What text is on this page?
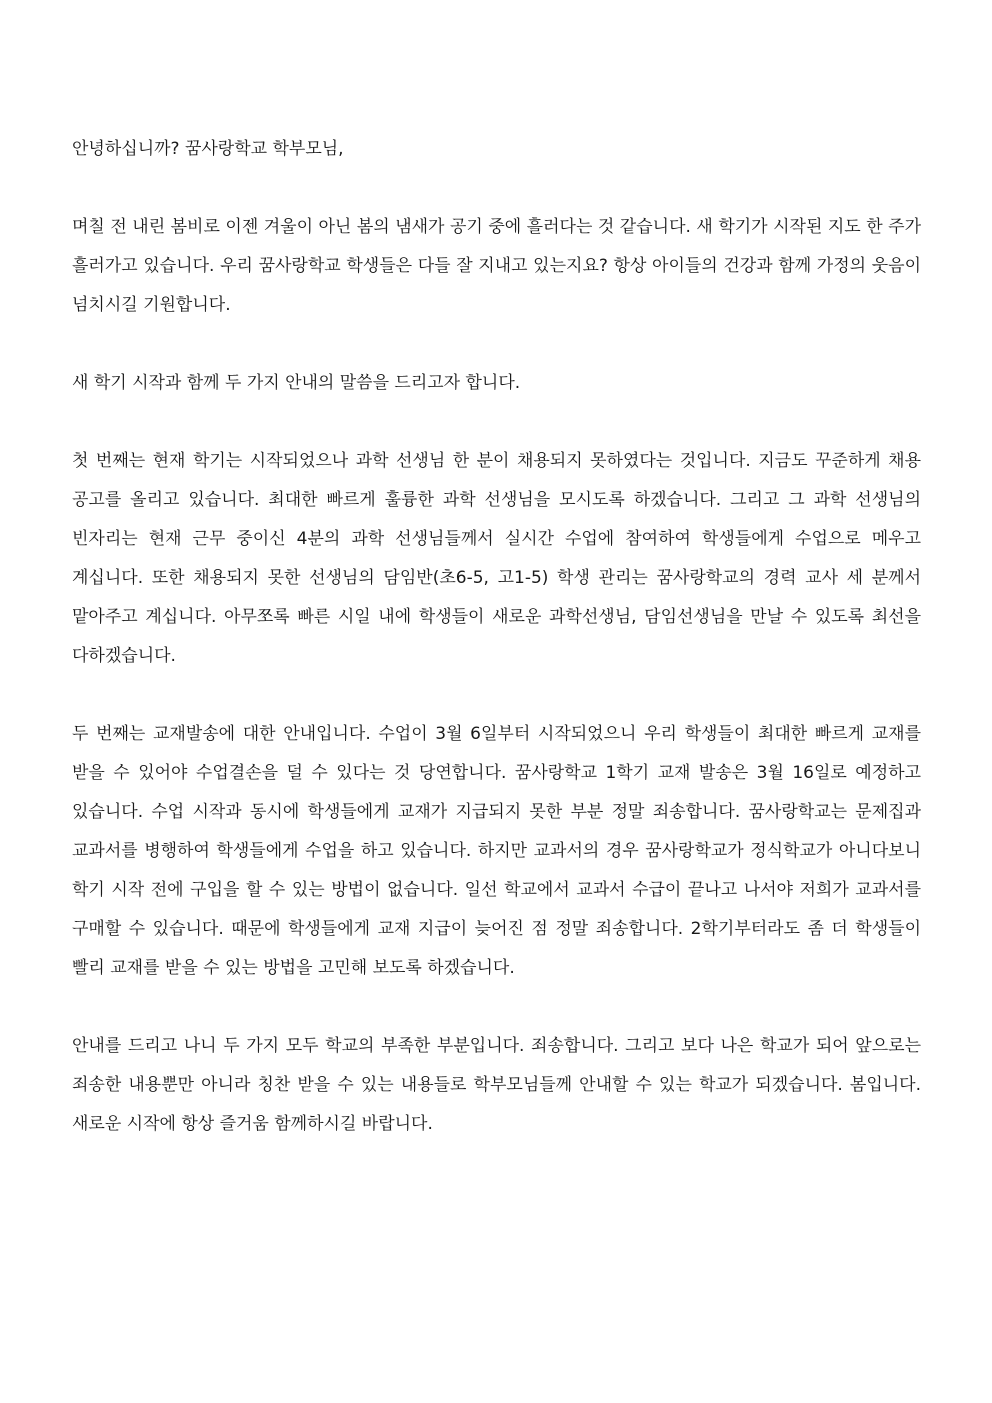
안녕하십니까? 꿈사랑학교 학부모님,

며칠 전 내린 봄비로 이젠 겨울이 아닌 봄의 냄새가 공기 중에 흘러다는 것 같습니다. 새 학기가 시작된 지도 한 주가 흘러가고 있습니다. 우리 꿈사랑학교 학생들은 다들 잘 지내고 있는지요? 항상 아이들의 건강과 함께 가정의 웃음이 넘치시길 기원합니다.

새 학기 시작과 함께 두 가지 안내의 말씀을 드리고자 합니다.

첫 번째는 현재 학기는 시작되었으나 과학 선생님 한 분이 채용되지 못하였다는 것입니다. 지금도 꾸준하게 채용 공고를 올리고 있습니다. 최대한 빠르게 훌륭한 과학 선생님을 모시도록 하겠습니다. 그리고 그 과학 선생님의 빈자리는 현재 근무 중이신 4분의 과학 선생님들께서 실시간 수업에 참여하여 학생들에게 수업으로 메우고 계십니다. 또한 채용되지 못한 선생님의 담임반(초6-5, 고1-5) 학생 관리는 꿈사랑학교의 경력 교사 세 분께서 맡아주고 계십니다. 아무쪼록 빠른 시일 내에 학생들이 새로운 과학선생님, 담임선생님을 만날 수 있도록 최선을 다하겠습니다.

두 번째는 교재발송에 대한 안내입니다. 수업이 3월 6일부터 시작되었으니 우리 학생들이 최대한 빠르게 교재를 받을 수 있어야 수업결손을 덜 수 있다는 것 당연합니다. 꿈사랑학교 1학기 교재 발송은 3월 16일로 예정하고 있습니다. 수업 시작과 동시에 학생들에게 교재가 지급되지 못한 부분 정말 죄송합니다. 꿈사랑학교는 문제집과 교과서를 병행하여 학생들에게 수업을 하고 있습니다. 하지만 교과서의 경우 꿈사랑학교가 정식학교가 아니다보니 학기 시작 전에 구입을 할 수 있는 방법이 없습니다. 일선 학교에서 교과서 수급이 끝나고 나서야 저희가 교과서를 구매할 수 있습니다. 때문에 학생들에게 교재 지급이 늦어진 점 정말 죄송합니다. 2학기부터라도 좀 더 학생들이 빨리 교재를 받을 수 있는 방법을 고민해 보도록 하겠습니다.

안내를 드리고 나니 두 가지 모두 학교의 부족한 부분입니다. 죄송합니다. 그리고 보다 나은 학교가 되어 앞으로는 죄송한 내용뿐만 아니라 칭찬 받을 수 있는 내용들로 학부모님들께 안내할 수 있는 학교가 되겠습니다. 봄입니다. 새로운 시작에 항상 즐거움 함께하시길 바랍니다.
